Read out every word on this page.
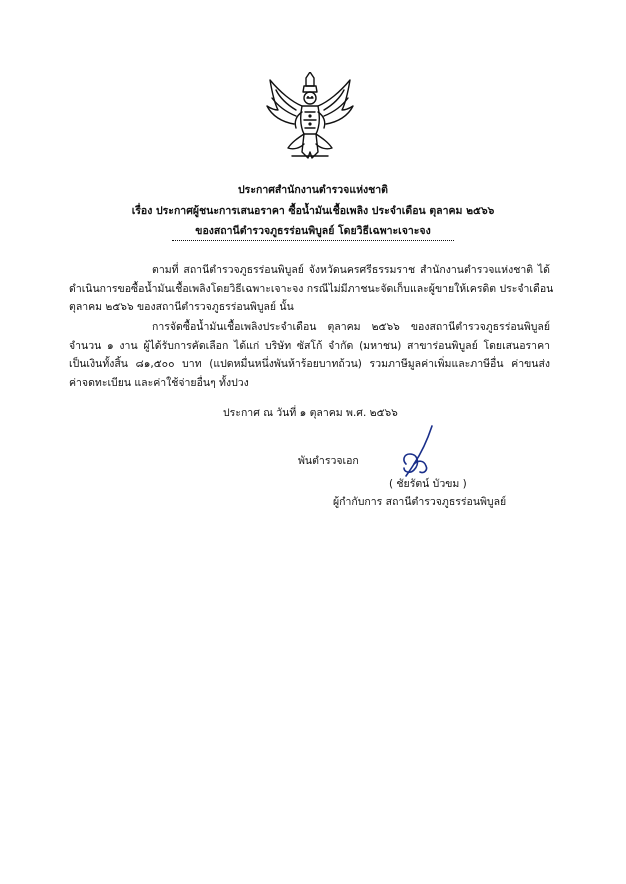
ประกาศสำนักงานตำรวจแห่งชาติ
เรื่อง ประกาศผู้ชนะการเสนอราคา ซื้อน้ำมันเชื้อเพลิง ประจำเดือน ตุลาคม ๒๕๖๖
ของสถานีตำรวจภูธรร่อนพิบูลย์ โดยวิธีเฉพาะเจาะจง
ตามที่ สถานีตำรวจภูธรร่อนพิบูลย์ จังหวัดนครศรีธรรมราช สำนักงานตำรวจแห่งชาติ ได้
ดำเนินการขอซื้อน้ำมันเชื้อเพลิงโดยวิธีเฉพาะเจาะจง กรณีไม่มีภาชนะจัดเก็บและผู้ขายให้เครดิต ประจำเดือน
ตุลาคม ๒๕๖๖ ของสถานีตำรวจภูธรร่อนพิบูลย์ นั้น
การจัดซื้อน้ำมันเชื้อเพลิงประจำเดือน ตุลาคม ๒๕๖๖ ของสถานีตำรวจภูธรร่อนพิบูลย์
จำนวน ๑ งาน ผู้ได้รับการคัดเลือก ได้แก่ บริษัท ซัสโก้ จำกัด (มหาชน) สาขาร่อนพิบูลย์ โดยเสนอราคา
เป็นเงินทั้งสิ้น ๘๑,๕๐๐ บาท (แปดหมื่นหนึ่งพันห้าร้อยบาทถ้วน) รวมภาษีมูลค่าเพิ่มและภาษีอื่น ค่าขนส่ง
ค่าจดทะเบียน และค่าใช้จ่ายอื่นๆ ทั้งปวง
ประกาศ ณ วันที่ ๑ ตุลาคม พ.ศ. ๒๕๖๖
พันตำรวจเอก
( ชัยรัตน์ บัวขม )
ผู้กำกับการ สถานีตำรวจภูธรร่อนพิบูลย์
